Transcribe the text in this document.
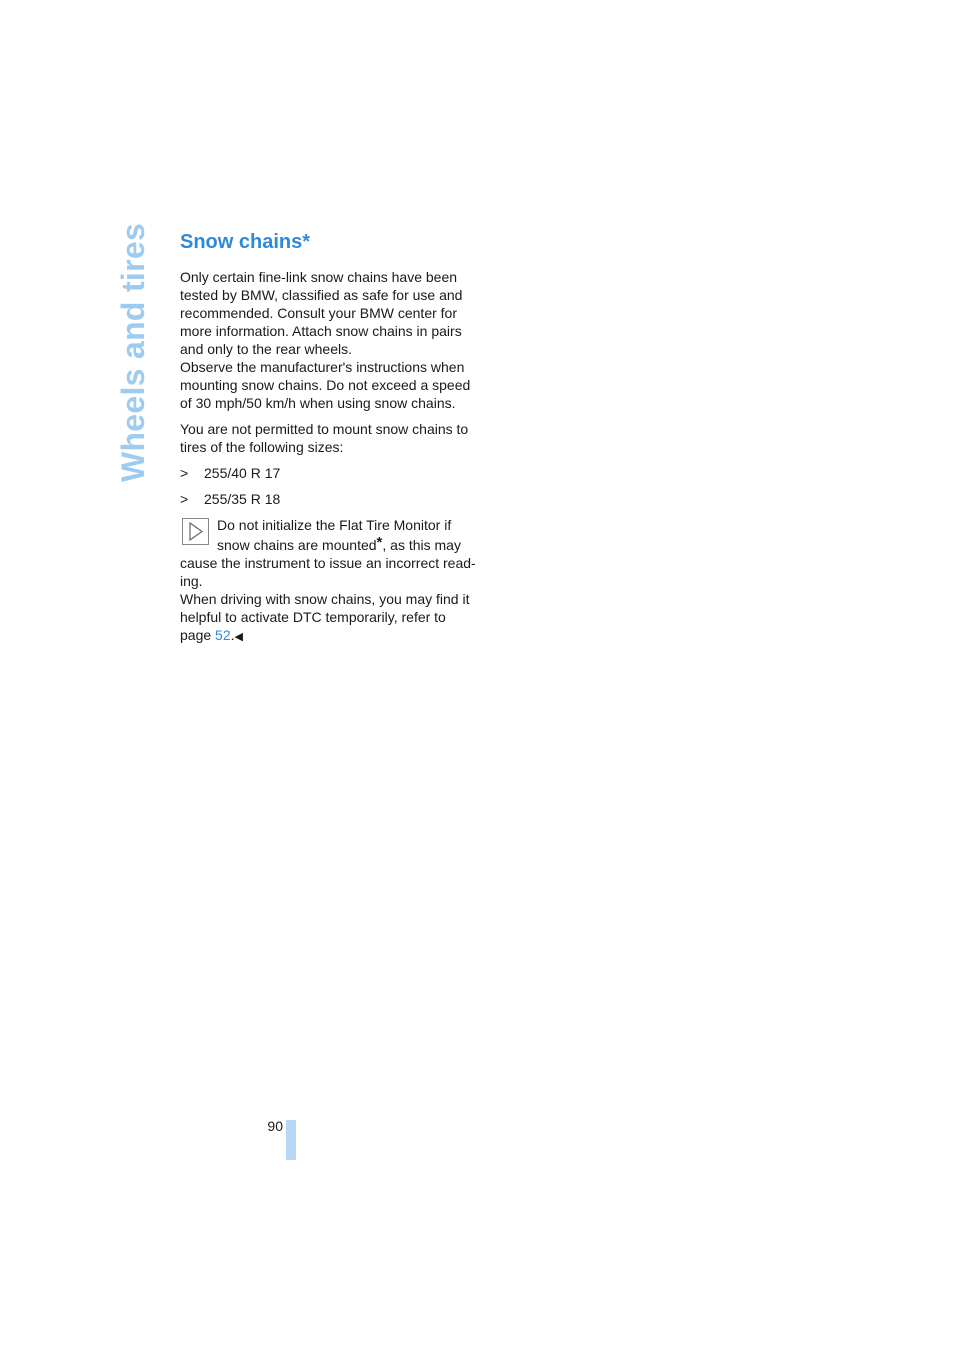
Wheels and tires Snow chains*

Only certain fine-link snow chains have been tested by BMW, classified as safe for use and recommended. Consult your BMW center for more information. Attach snow chains in pairs and only to the rear wheels.
Observe the manufacturer's instructions when mounting snow chains. Do not exceed a speed of 30 mph/50 km/h when using snow chains.

You are not permitted to mount snow chains to tires of the following sizes:

>	255/40 R 17
>	255/35 R 18

Do not initialize the Flat Tire Monitor if snow chains are mounted*, as this may cause the instrument to issue an incorrect read-ing.
When driving with snow chains, you may find it helpful to activate DTC temporarily, refer to page 52.◀

90
